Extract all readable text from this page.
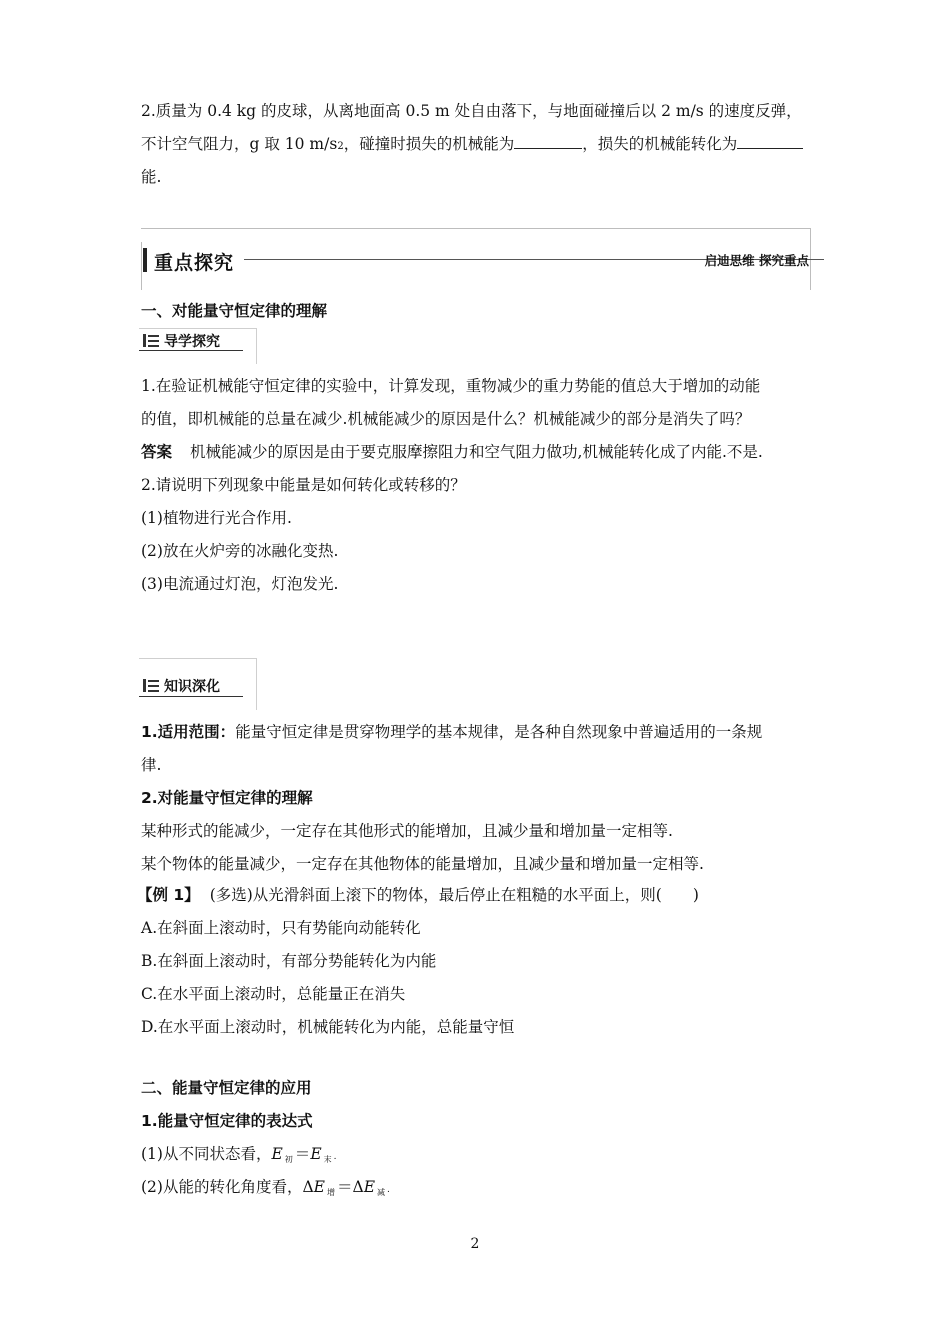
2.质量为 0.4 kg 的皮球，从离地面高 0.5 m 处自由落下，与地面碰撞后以 2 m/s 的速度反弹，
不计空气阻力，g 取 10 m/s2，碰撞时损失的机械能为	，损失的机械能转化为
能.
重点探究	启迪思维 探究重点
一、对能量守恒定律的理解
导学探究
1.在验证机械能守恒定律的实验中，计算发现，重物减少的重力势能的值总大于增加的动能
的值，即机械能的总量在减少.机械能减少的原因是什么？机械能减少的部分是消失了吗？
答案 机械能减少的原因是由于要克服摩擦阻力和空气阻力做功,机械能转化成了内能.不是.
2.请说明下列现象中能量是如何转化或转移的？
(1)植物进行光合作用.
(2)放在火炉旁的冰融化变热.
(3)电流通过灯泡，灯泡发光.
知识深化
1.适用范围：能量守恒定律是贯穿物理学的基本规律，是各种自然现象中普遍适用的一条规
律.
2.对能量守恒定律的理解
某种形式的能减少，一定存在其他形式的能增加，且减少量和增加量一定相等.
某个物体的能量减少，一定存在其他物体的能量增加，且减少量和增加量一定相等.
【例 1】 (多选)从光滑斜面上滚下的物体，最后停止在粗糙的水平面上，则(　　)
A.在斜面上滚动时，只有势能向动能转化
B.在斜面上滚动时，有部分势能转化为内能
C.在水平面上滚动时，总能量正在消失
D.在水平面上滚动时，机械能转化为内能，总能量守恒
二、能量守恒定律的应用
1.能量守恒定律的表达式
(1)从不同状态看，E $_初$ ＝E $_末$ .
(2)从能的转化角度看，ΔE $_增$ ＝ΔE $_减$ .
2
